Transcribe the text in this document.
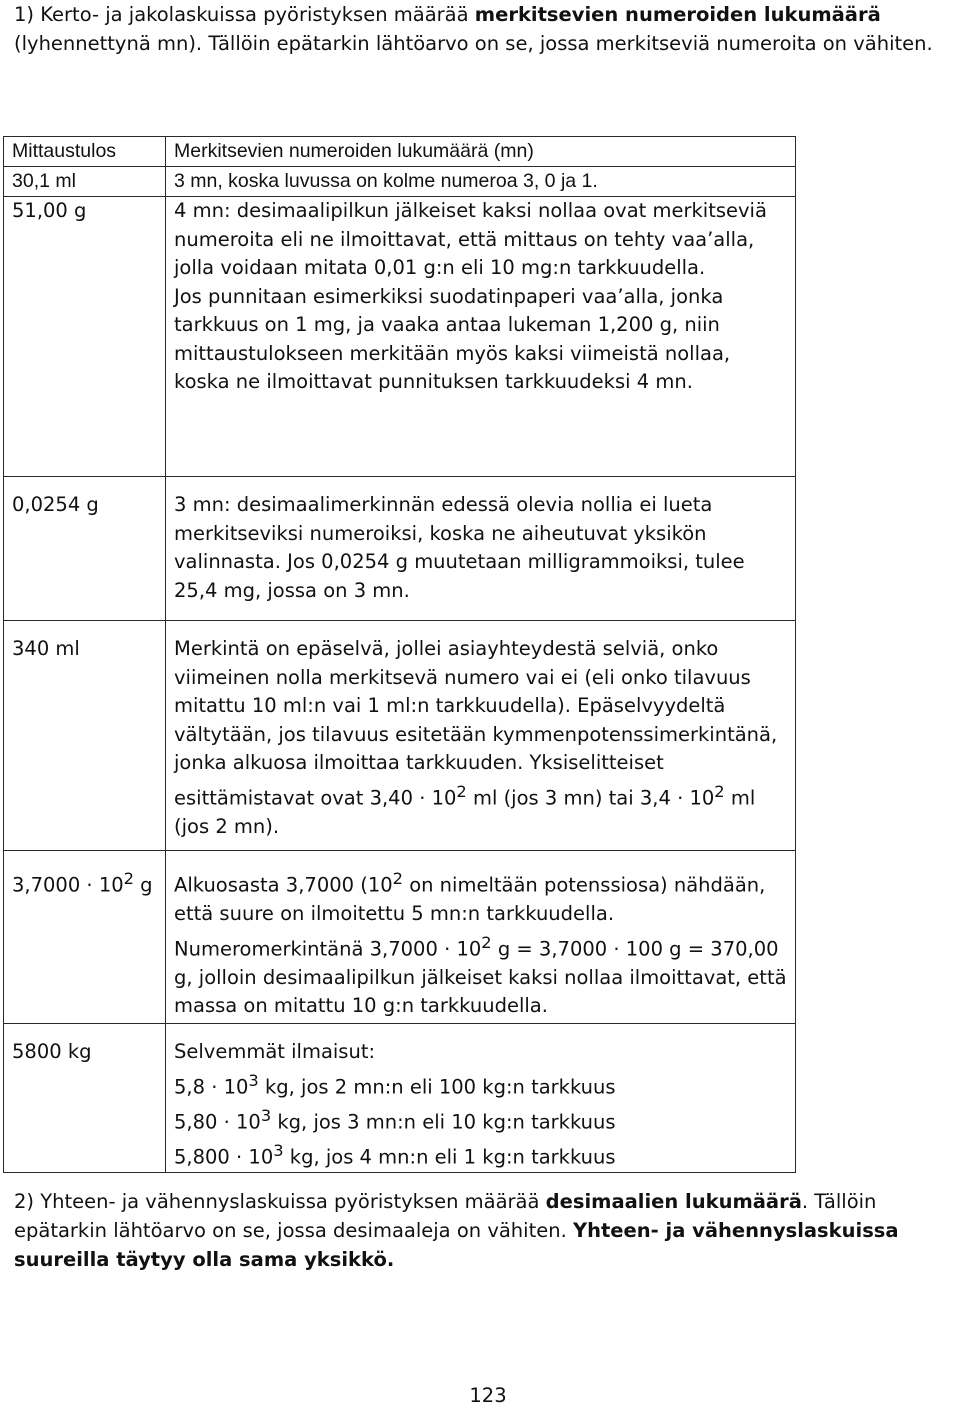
1) Kerto- ja jakolaskuissa pyöristyksen määrää merkitsevien numeroiden lukumäärä (lyhennettynä mn). Tällöin epätarkin lähtöarvo on se, jossa merkitseviä numeroita on vähiten.

Mittaustulos	Merkitsevien numeroiden lukumäärä (mn)
30,1 ml	3 mn, koska luvussa on kolme numeroa 3, 0 ja 1.
51,00 g	4 mn: desimaalipilkun jälkeiset kaksi nollaa ovat merkitseviä numeroita eli ne ilmoittavat, että mittaus on tehty vaa’alla, jolla voidaan mitata 0,01 g:n eli 10 mg:n tarkkuudella.
Jos punnitaan esimerkiksi suodatinpaperi vaa’alla, jonka tarkkuus on 1 mg, ja vaaka antaa lukeman 1,200 g, niin mittaustulokseen merkitään myös kaksi viimeistä nollaa, koska ne ilmoittavat punnituksen tarkkuudeksi 4 mn.

0,0254 g	3 mn: desimaalimerkinnän edessä olevia nollia ei lueta merkitseviksi numeroiksi, koska ne aiheutuvat yksikön valinnasta. Jos 0,0254 g muutetaan milligrammoiksi, tulee 25,4 mg, jossa on 3 mn.

340 ml	Merkintä on epäselvä, jollei asiayhteydestä selviä, onko viimeinen nolla merkitsevä numero vai ei (eli onko tilavuus mitattu 10 ml:n vai 1 ml:n tarkkuudella). Epäselvyydeltä vältytään, jos tilavuus esitetään kymmenpotenssimerkintänä, jonka alkuosa ilmoittaa tarkkuuden. Yksiselitteiset esittämistavat ovat $3,40 \cdot 10^2$ ml (jos 3 mn) tai $3,4 \cdot 10^2$ ml (jos 2 mn).

$3,7000 \cdot 10^2$ g	Alkuosasta 3,7000 ($10^2$ on nimeltään potenssiosa) nähdään, että suure on ilmoitettu 5 mn:n tarkkuudella. Numeromerkintänä $3,7000 \cdot 10^2$ g = 3,7000 · 100 g = 370,00 g, jolloin desimaalipilkun jälkeiset kaksi nollaa ilmoittavat, että massa on mitattu 10 g:n tarkkuudella.

5800 kg	Selvemmät ilmaisut:
$5,8 \cdot 10^3$ kg, jos 2 mn:n eli 100 kg:n tarkkuus
$5,80 \cdot 10^3$ kg, jos 3 mn:n eli 10 kg:n tarkkuus
$5,800 \cdot 10^3$ kg, jos 4 mn:n eli 1 kg:n tarkkuus

2) Yhteen- ja vähennyslaskuissa pyöristyksen määrää desimaalien lukumäärä. Tällöin epätarkin lähtöarvo on se, jossa desimaaleja on vähiten. Yhteen- ja vähennyslaskuissa suureilla täytyy olla sama yksikkö.

123
